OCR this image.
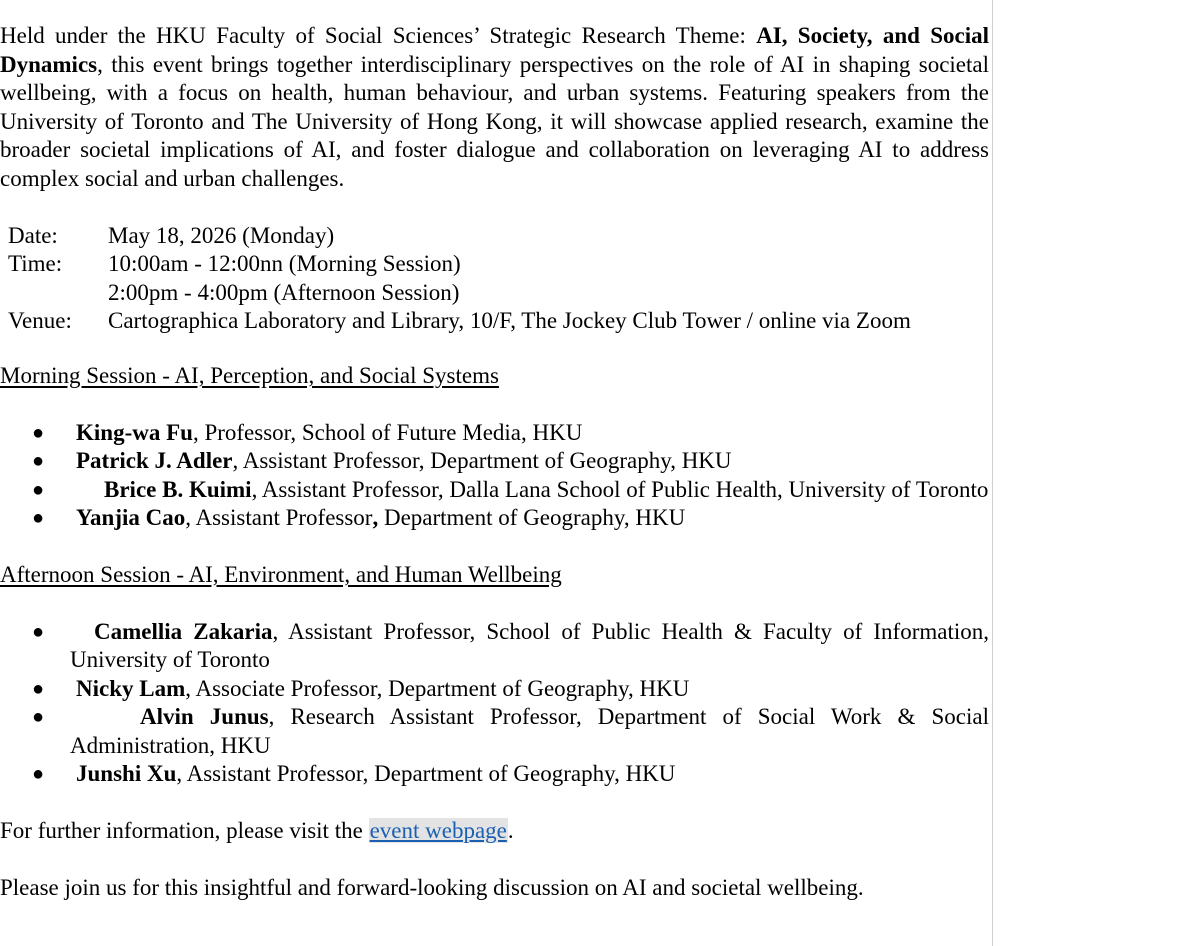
Held under the HKU Faculty of Social Sciences’ Strategic Research Theme: AI, Society, and Social Dynamics, this event brings together interdisciplinary perspectives on the role of AI in shaping societal wellbeing, with a focus on health, human behaviour, and urban systems. Featuring speakers from the University of Toronto and The University of Hong Kong, it will showcase applied research, examine the broader societal implications of AI, and foster dialogue and collaboration on leveraging AI to address complex social and urban challenges.

Date:	May 18, 2026 (Monday)
Time:	10:00am - 12:00nn (Morning Session)
2:00pm - 4:00pm (Afternoon Session)
Venue:	Cartographica Laboratory and Library, 10/F, The Jockey Club Tower / online via Zoom

Morning Session - AI, Perception, and Social Systems

● King-wa Fu, Professor, School of Future Media, HKU
● Patrick J. Adler, Assistant Professor, Department of Geography, HKU
●	Brice B. Kuimi, Assistant Professor, Dalla Lana School of Public Health, University of Toronto
● Yanjia Cao, Assistant Professor, Department of Geography, HKU

Afternoon Session - AI, Environment, and Human Wellbeing

● Camellia Zakaria, Assistant Professor, School of Public Health & Faculty of Information, University of Toronto
● Nicky Lam, Associate Professor, Department of Geography, HKU
●	Alvin Junus, Research Assistant Professor, Department of Social Work & Social Administration, HKU
● Junshi Xu, Assistant Professor, Department of Geography, HKU

For further information, please visit the event webpage.

Please join us for this insightful and forward-looking discussion on AI and societal wellbeing.
